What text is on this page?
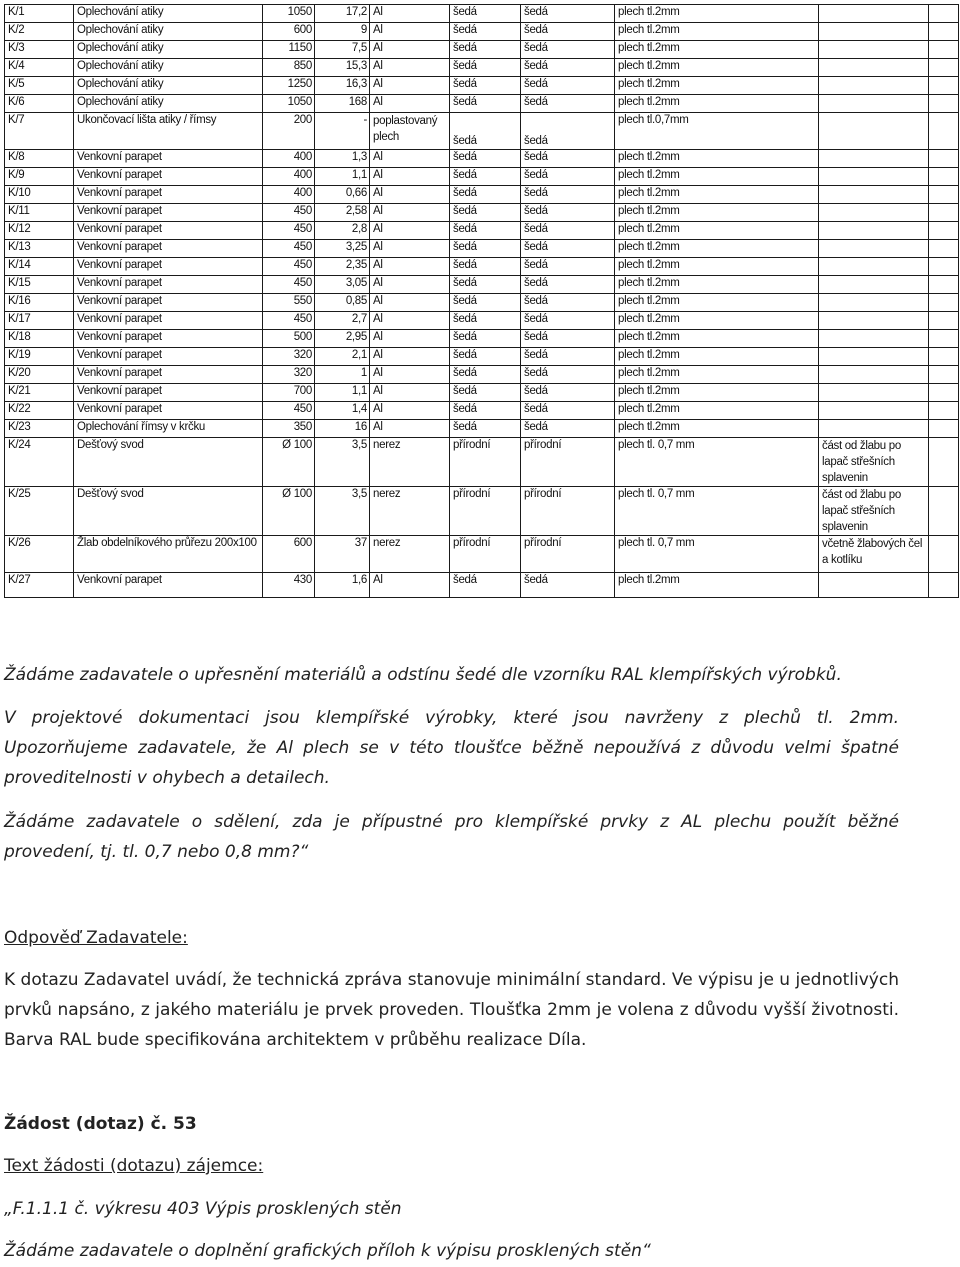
K/1	Oplechování atiky	1050	17,2	Al	šedá	šedá	plech tl.2mm		
K/2	Oplechování atiky	600	9	Al	šedá	šedá	plech tl.2mm		
K/3	Oplechování atiky	1150	7,5	Al	šedá	šedá	plech tl.2mm		
K/4	Oplechování atiky	850	15,3	Al	šedá	šedá	plech tl.2mm		
K/5	Oplechování atiky	1250	16,3	Al	šedá	šedá	plech tl.2mm		
K/6	Oplechování atiky	1050	168	Al	šedá	šedá	plech tl.2mm		
K/7	Ukončovací lišta atiky / římsy	200	-	poplastovaný plech	šedá	šedá	plech tl.0,7mm		
K/8	Venkovní parapet	400	1,3	Al	šedá	šedá	plech tl.2mm		
K/9	Venkovní parapet	400	1,1	Al	šedá	šedá	plech tl.2mm		
K/10	Venkovní parapet	400	0,66	Al	šedá	šedá	plech tl.2mm		
K/11	Venkovní parapet	450	2,58	Al	šedá	šedá	plech tl.2mm		
K/12	Venkovní parapet	450	2,8	Al	šedá	šedá	plech tl.2mm		
K/13	Venkovní parapet	450	3,25	Al	šedá	šedá	plech tl.2mm		
K/14	Venkovní parapet	450	2,35	Al	šedá	šedá	plech tl.2mm		
K/15	Venkovní parapet	450	3,05	Al	šedá	šedá	plech tl.2mm		
K/16	Venkovní parapet	550	0,85	Al	šedá	šedá	plech tl.2mm		
K/17	Venkovní parapet	450	2,7	Al	šedá	šedá	plech tl.2mm		
K/18	Venkovní parapet	500	2,95	Al	šedá	šedá	plech tl.2mm		
K/19	Venkovní parapet	320	2,1	Al	šedá	šedá	plech tl.2mm		
K/20	Venkovní parapet	320	1	Al	šedá	šedá	plech tl.2mm		
K/21	Venkovní parapet	700	1,1	Al	šedá	šedá	plech tl.2mm		
K/22	Venkovní parapet	450	1,4	Al	šedá	šedá	plech tl.2mm		
K/23	Oplechování římsy v krčku	350	16	Al	šedá	šedá	plech tl.2mm		
K/24	Dešťový svod	Ø 100	3,5	nerez	přírodní	přírodní	plech tl. 0,7 mm	část od žlabu po lapač střešních splavenin	
K/25	Dešťový svod	Ø 100	3,5	nerez	přírodní	přírodní	plech tl. 0,7 mm	část od žlabu po lapač střešních splavenin	
K/26	Žlab obdelníkového průřezu 200x100	600	37	nerez	přírodní	přírodní	plech tl. 0,7 mm	včetně žlabových čel a kotlíku	
K/27	Venkovní parapet	430	1,6	Al	šedá	šedá	plech tl.2mm		

Žádáme zadavatele o upřesnění materiálů a odstínu šedé dle vzorníku RAL klempířských výrobků.

V projektové dokumentaci jsou klempířské výrobky, které jsou navrženy z plechů tl. 2mm. Upozorňujeme zadavatele, že Al plech se v této tloušťce běžně nepoužívá z důvodu velmi špatné proveditelnosti v ohybech a detailech.

Žádáme zadavatele o sdělení, zda je přípustné pro klempířské prvky z AL plechu použít běžné provedení, tj. tl. 0,7 nebo 0,8 mm?“

Odpověď Zadavatele:

K dotazu Zadavatel uvádí, že technická zpráva stanovuje minimální standard. Ve výpisu je u jednotlivých prvků napsáno, z jakého materiálu je prvek proveden. Tloušťka 2mm je volena z důvodu vyšší životnosti. Barva RAL bude specifikována architektem v průběhu realizace Díla.

Žádost (dotaz) č. 53

Text žádosti (dotazu) zájemce:

„F.1.1.1 č. výkresu 403 Výpis prosklených stěn

Žádáme zadavatele o doplnění grafických příloh k výpisu prosklených stěn“
